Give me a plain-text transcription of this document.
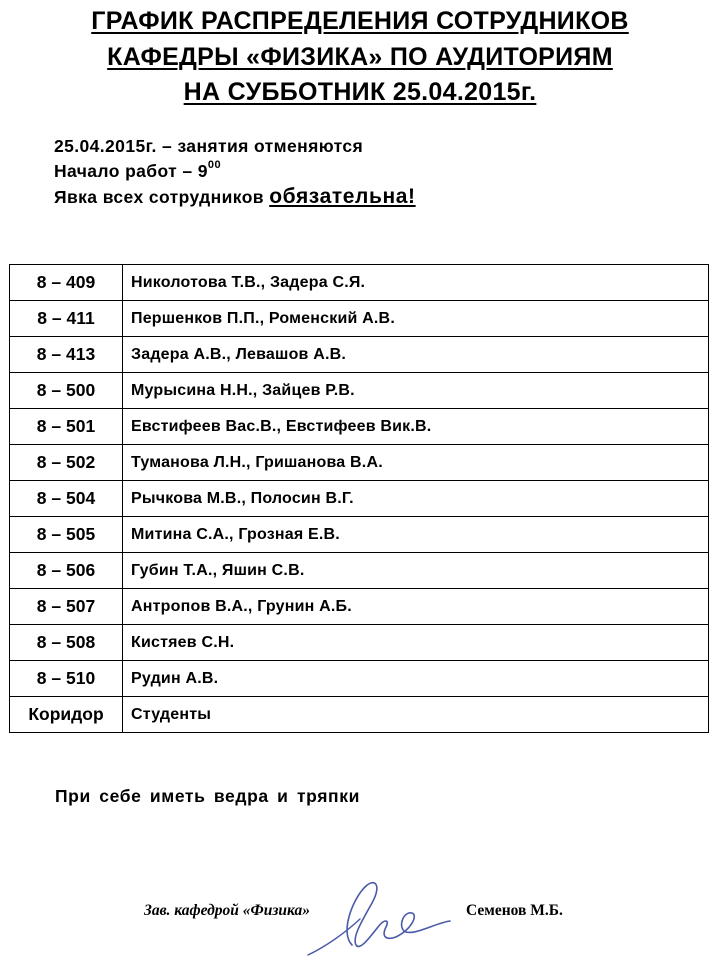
ГРАФИК РАСПРЕДЕЛЕНИЯ СОТРУДНИКОВ
КАФЕДРЫ «ФИЗИКА» ПО АУДИТОРИЯМ
НА СУББОТНИК 25.04.2015г.
25.04.2015г. – занятия отменяются
Начало работ – $9^{00}$
Явка всех сотрудников обязательна!
8 – 409	Николотова Т.В., Задера С.Я.
8 – 411	Першенков П.П., Роменский А.В.
8 – 413	Задера А.В., Левашов А.В.
8 – 500	Мурысина Н.Н., Зайцев Р.В.
8 – 501	Евстифеев Вас.В., Евстифеев Вик.В.
8 – 502	Туманова Л.Н., Гришанова В.А.
8 – 504	Рычкова М.В., Полосин В.Г.
8 – 505	Митина С.А., Грозная Е.В.
8 – 506	Губин Т.А., Яшин С.В.
8 – 507	Антропов В.А., Грунин А.Б.
8 – 508	Кистяев С.Н.
8 – 510	Рудин А.В.
Коридор	Студенты
При себе иметь ведра и тряпки
Зав. кафедрой «Физика»	Семенов М.Б.
